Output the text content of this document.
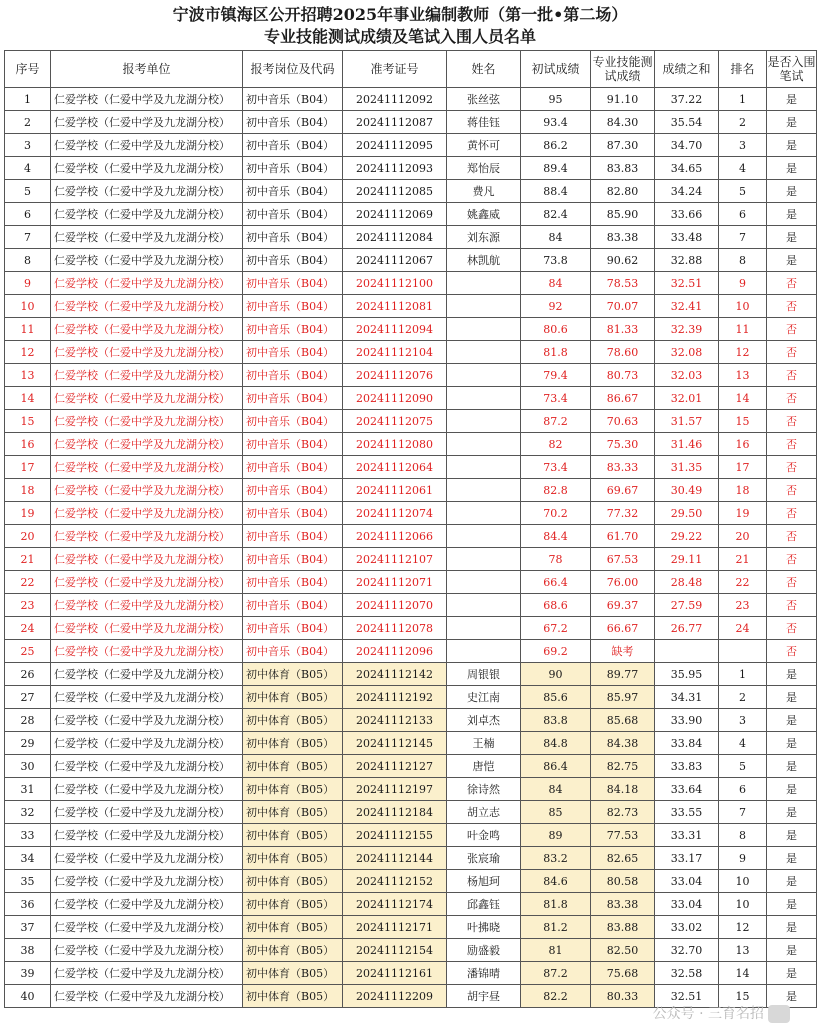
宁波市镇海区公开招聘2025年事业编制教师（第一批•第二场）
专业技能测试成绩及笔试入围人员名单
序号	报考单位	报考岗位及代码	准考证号	姓名	初试成绩	专业技能测试成绩	成绩之和	排名	是否入围笔试
1	仁爱学校（仁爱中学及九龙湖分校）	初中音乐（B04）	20241112092	张丝弦	95	91.10	37.22	1	是
2	仁爱学校（仁爱中学及九龙湖分校）	初中音乐（B04）	20241112087	蒋佳钰	93.4	84.30	35.54	2	是
3	仁爱学校（仁爱中学及九龙湖分校）	初中音乐（B04）	20241112095	黄怀可	86.2	87.30	34.70	3	是
4	仁爱学校（仁爱中学及九龙湖分校）	初中音乐（B04）	20241112093	郑怡辰	89.4	83.83	34.65	4	是
5	仁爱学校（仁爱中学及九龙湖分校）	初中音乐（B04）	20241112085	费凡	88.4	82.80	34.24	5	是
6	仁爱学校（仁爱中学及九龙湖分校）	初中音乐（B04）	20241112069	姚鑫威	82.4	85.90	33.66	6	是
7	仁爱学校（仁爱中学及九龙湖分校）	初中音乐（B04）	20241112084	刘东源	84	83.38	33.48	7	是
8	仁爱学校（仁爱中学及九龙湖分校）	初中音乐（B04）	20241112067	林凯航	73.8	90.62	32.88	8	是
9	仁爱学校（仁爱中学及九龙湖分校）	初中音乐（B04）	20241112100		84	78.53	32.51	9	否
10	仁爱学校（仁爱中学及九龙湖分校）	初中音乐（B04）	20241112081		92	70.07	32.41	10	否
11	仁爱学校（仁爱中学及九龙湖分校）	初中音乐（B04）	20241112094		80.6	81.33	32.39	11	否
12	仁爱学校（仁爱中学及九龙湖分校）	初中音乐（B04）	20241112104		81.8	78.60	32.08	12	否
13	仁爱学校（仁爱中学及九龙湖分校）	初中音乐（B04）	20241112076		79.4	80.73	32.03	13	否
14	仁爱学校（仁爱中学及九龙湖分校）	初中音乐（B04）	20241112090		73.4	86.67	32.01	14	否
15	仁爱学校（仁爱中学及九龙湖分校）	初中音乐（B04）	20241112075		87.2	70.63	31.57	15	否
16	仁爱学校（仁爱中学及九龙湖分校）	初中音乐（B04）	20241112080		82	75.30	31.46	16	否
17	仁爱学校（仁爱中学及九龙湖分校）	初中音乐（B04）	20241112064		73.4	83.33	31.35	17	否
18	仁爱学校（仁爱中学及九龙湖分校）	初中音乐（B04）	20241112061		82.8	69.67	30.49	18	否
19	仁爱学校（仁爱中学及九龙湖分校）	初中音乐（B04）	20241112074		70.2	77.32	29.50	19	否
20	仁爱学校（仁爱中学及九龙湖分校）	初中音乐（B04）	20241112066		84.4	61.70	29.22	20	否
21	仁爱学校（仁爱中学及九龙湖分校）	初中音乐（B04）	20241112107		78	67.53	29.11	21	否
22	仁爱学校（仁爱中学及九龙湖分校）	初中音乐（B04）	20241112071		66.4	76.00	28.48	22	否
23	仁爱学校（仁爱中学及九龙湖分校）	初中音乐（B04）	20241112070		68.6	69.37	27.59	23	否
24	仁爱学校（仁爱中学及九龙湖分校）	初中音乐（B04）	20241112078		67.2	66.67	26.77	24	否
25	仁爱学校（仁爱中学及九龙湖分校）	初中音乐（B04）	20241112096		69.2	缺考			否
26	仁爱学校（仁爱中学及九龙湖分校）	初中体育（B05）	20241112142	周银银	90	89.77	35.95	1	是
27	仁爱学校（仁爱中学及九龙湖分校）	初中体育（B05）	20241112192	史江南	85.6	85.97	34.31	2	是
28	仁爱学校（仁爱中学及九龙湖分校）	初中体育（B05）	20241112133	刘卓杰	83.8	85.68	33.90	3	是
29	仁爱学校（仁爱中学及九龙湖分校）	初中体育（B05）	20241112145	王楠	84.8	84.38	33.84	4	是
30	仁爱学校（仁爱中学及九龙湖分校）	初中体育（B05）	20241112127	唐恺	86.4	82.75	33.83	5	是
31	仁爱学校（仁爱中学及九龙湖分校）	初中体育（B05）	20241112197	徐诗然	84	84.18	33.64	6	是
32	仁爱学校（仁爱中学及九龙湖分校）	初中体育（B05）	20241112184	胡立志	85	82.73	33.55	7	是
33	仁爱学校（仁爱中学及九龙湖分校）	初中体育（B05）	20241112155	叶金鸣	89	77.53	33.31	8	是
34	仁爱学校（仁爱中学及九龙湖分校）	初中体育（B05）	20241112144	张宸瑜	83.2	82.65	33.17	9	是
35	仁爱学校（仁爱中学及九龙湖分校）	初中体育（B05）	20241112152	杨旭珂	84.6	80.58	33.04	10	是
36	仁爱学校（仁爱中学及九龙湖分校）	初中体育（B05）	20241112174	邱鑫钰	81.8	83.38	33.04	10	是
37	仁爱学校（仁爱中学及九龙湖分校）	初中体育（B05）	20241112171	叶拂晓	81.2	83.88	33.02	12	是
38	仁爱学校（仁爱中学及九龙湖分校）	初中体育（B05）	20241112154	励盛毅	81	82.50	32.70	13	是
39	仁爱学校（仁爱中学及九龙湖分校）	初中体育（B05）	20241112161	潘锦晴	87.2	75.68	32.58	14	是
40	仁爱学校（仁爱中学及九龙湖分校）	初中体育（B05）	20241112209	胡宇昼	82.2	80.33	32.51	15	是
公众号 · 三育名招
